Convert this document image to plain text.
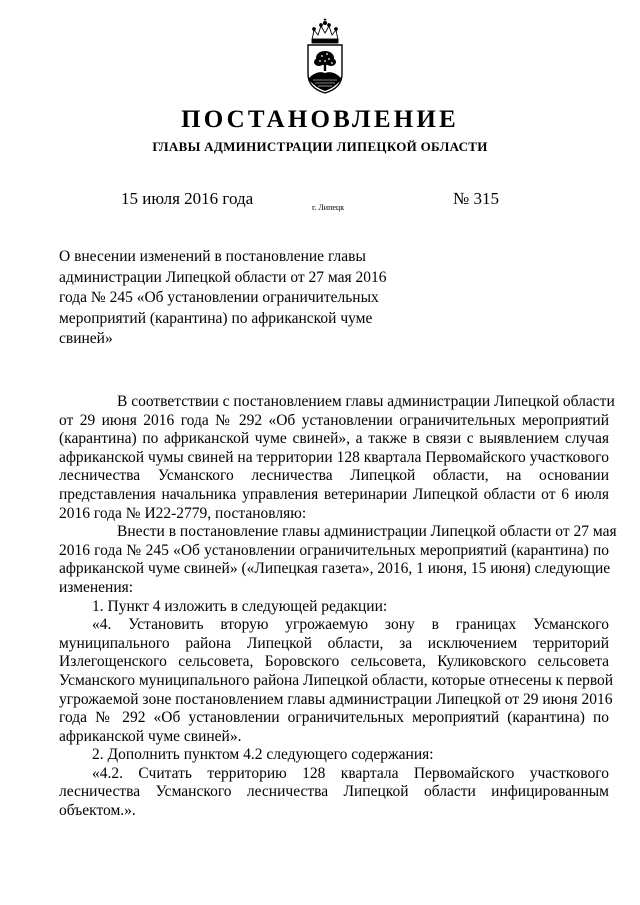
ПОСТАНОВЛЕНИЕ
ГЛАВЫ АДМИНИСТРАЦИИ ЛИПЕЦКОЙ ОБЛАСТИ
15 июля 2016 года	г. Липецк	№ 315
О внесении изменений в постановление главы
администрации Липецкой области от 27 мая 2016
года № 245 «Об установлении ограничительных
мероприятий (карантина) по африканской чуме
свиней»
В соответствии с постановлением главы администрации Липецкой области
от 29 июня 2016 года № 292 «Об установлении ограничительных мероприятий
(карантина) по африканской чуме свиней», а также в связи с выявлением случая
африканской чумы свиней на территории 128 квартала Первомайского участкового
лесничества Усманского лесничества Липецкой области, на основании
представления начальника управления ветеринарии Липецкой области от 6 июля
2016 года № И22-2779, постановляю:
Внести в постановление главы администрации Липецкой области от 27 мая
2016 года № 245 «Об установлении ограничительных мероприятий (карантина) по
африканской чуме свиней» («Липецкая газета», 2016, 1 июня, 15 июня) следующие
изменения:
1. Пункт 4 изложить в следующей редакции:
«4. Установить вторую угрожаемую зону в границах Усманского
муниципального района Липецкой области, за исключением территорий
Излегощенского сельсовета, Боровского сельсовета, Куликовского сельсовета
Усманского муниципального района Липецкой области, которые отнесены к первой
угрожаемой зоне постановлением главы администрации Липецкой от 29 июня 2016
года № 292 «Об установлении ограничительных мероприятий (карантина) по
африканской чуме свиней».
2. Дополнить пунктом 4.2 следующего содержания:
«4.2. Считать территорию 128 квартала Первомайского участкового
лесничества Усманского лесничества Липецкой области инфицированным
объектом.».
